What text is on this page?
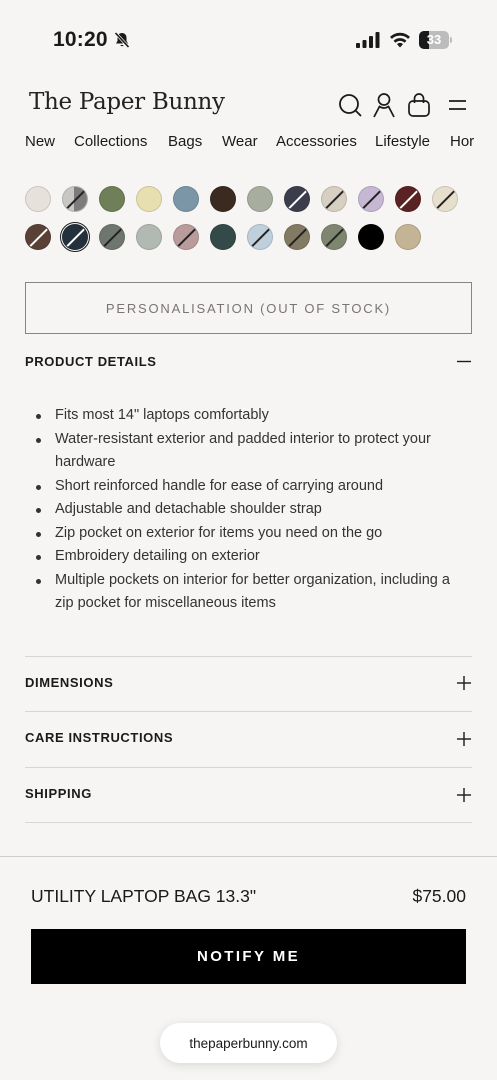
10:20	33
The Paper Bunny
New Collections Bags Wear Accessories Lifestyle Hor
PERSONALISATION (OUT OF STOCK)
PRODUCT DETAILS
Fits most 14" laptops comfortably
Water-resistant exterior and padded interior to protect your hardware
Short reinforced handle for ease of carrying around
Adjustable and detachable shoulder strap
Zip pocket on exterior for items you need on the go
Embroidery detailing on exterior
Multiple pockets on interior for better organization, including a zip pocket for miscellaneous items
DIMENSIONS
CARE INSTRUCTIONS
SHIPPING
UTILITY LAPTOP BAG 13.3"	$75.00
NOTIFY ME
thepaperbunny.com
